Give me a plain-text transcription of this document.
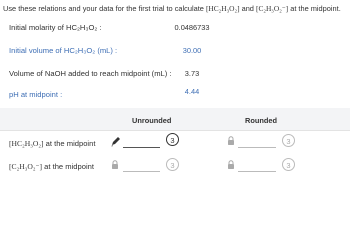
Use these relations and your data for the first trial to calculate [HC₂H₃O₂] and [C₂H₃O₂⁻] at the midpoint.
Initial molarity of HC₂H₃O₂ :	0.0486733
Initial volume of HC₂H₃O₂ (mL) :	30.00
Volume of NaOH added to reach midpoint (mL) :	3.73
pH at midpoint :	4.44
Unrounded	Rounded
[HC₂H₃O₂] at the midpoint	3	3
[C₂H₃O₂⁻] at the midpoint	3	3
